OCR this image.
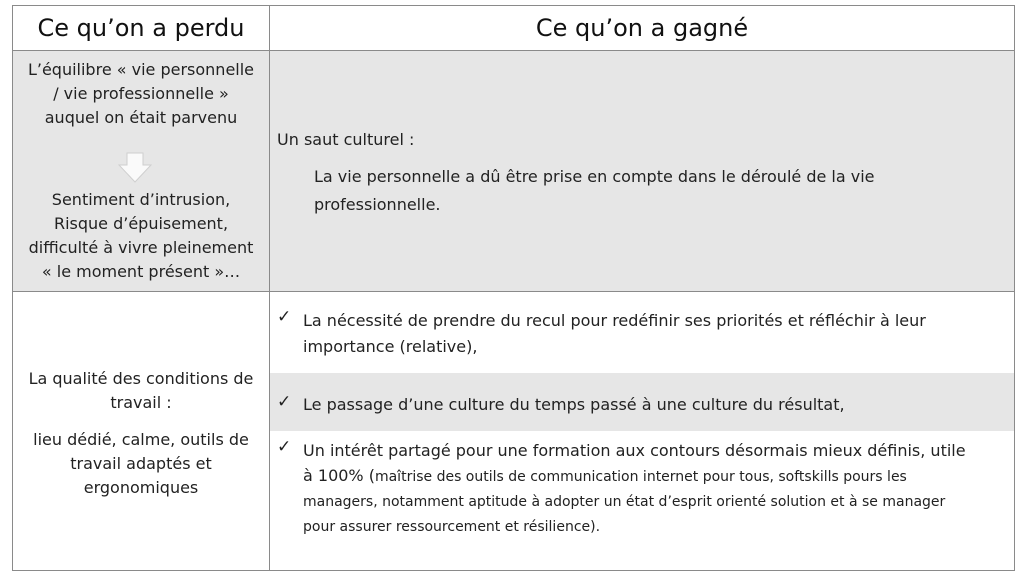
Ce qu’on a perdu	Ce qu’on a gagné
L’équilibre « vie personnelle
/ vie professionnelle »
auquel on était parvenu
Sentiment d’intrusion,
Risque d’épuisement,
difficulté à vivre pleinement
« le moment présent »…
Un saut culturel :
La vie personnelle a dû être prise en compte dans le déroulé de la vie
professionnelle.
La qualité des conditions de
travail :
lieu dédié, calme, outils de
travail adaptés et
ergonomiques
✓ La nécessité de prendre du recul pour redéfinir ses priorités et réfléchir à leur
importance (relative),
✓ Le passage d’une culture du temps passé à une culture du résultat,
✓ Un intérêt partagé pour une formation aux contours désormais mieux définis, utile
à 100% (maîtrise des outils de communication internet pour tous, softskills pours les
managers, notamment aptitude à adopter un état d’esprit orienté solution et à se manager
pour assurer ressourcement et résilience).
